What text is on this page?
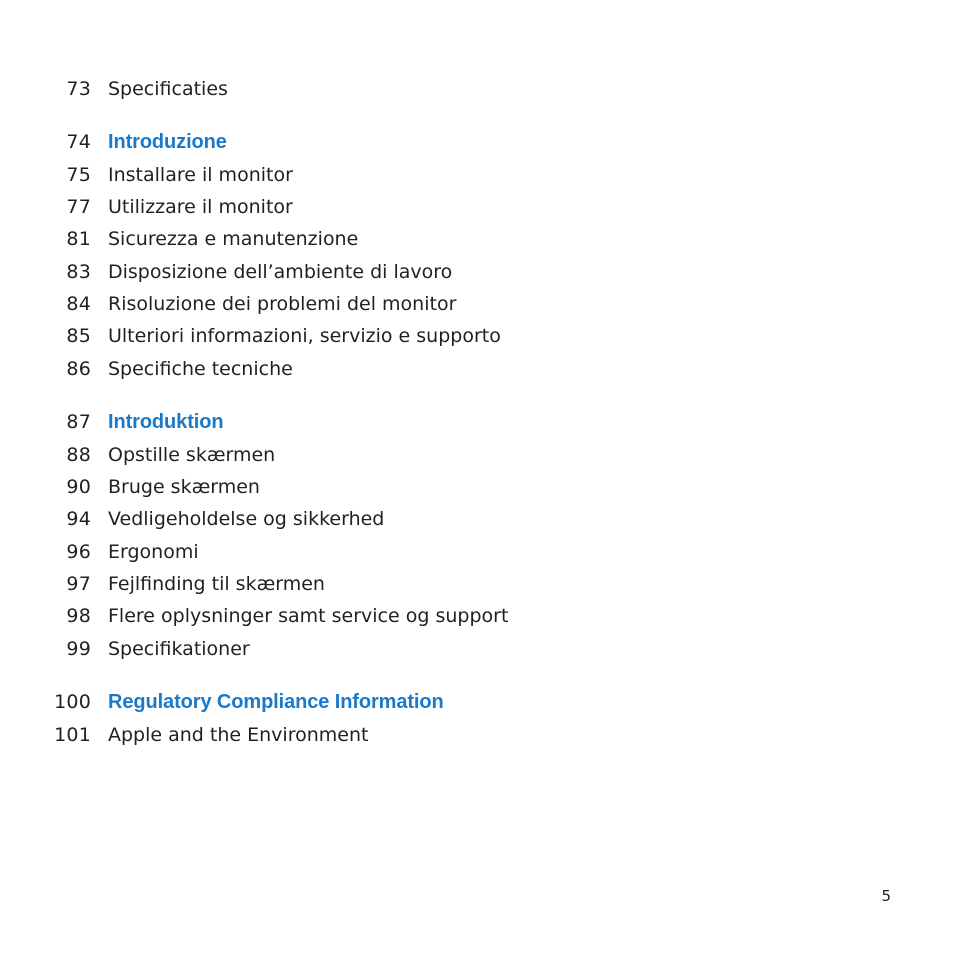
73 Specificaties
74 Introduzione
75 Installare il monitor
77 Utilizzare il monitor
81 Sicurezza e manutenzione
83 Disposizione dell’ambiente di lavoro
84 Risoluzione dei problemi del monitor
85 Ulteriori informazioni, servizio e supporto
86 Specifiche tecniche
87 Introduktion
88 Opstille skærmen
90 Bruge skærmen
94 Vedligeholdelse og sikkerhed
96 Ergonomi
97 Fejlfinding til skærmen
98 Flere oplysninger samt service og support
99 Specifikationer
100 Regulatory Compliance Information
101 Apple and the Environment
5
